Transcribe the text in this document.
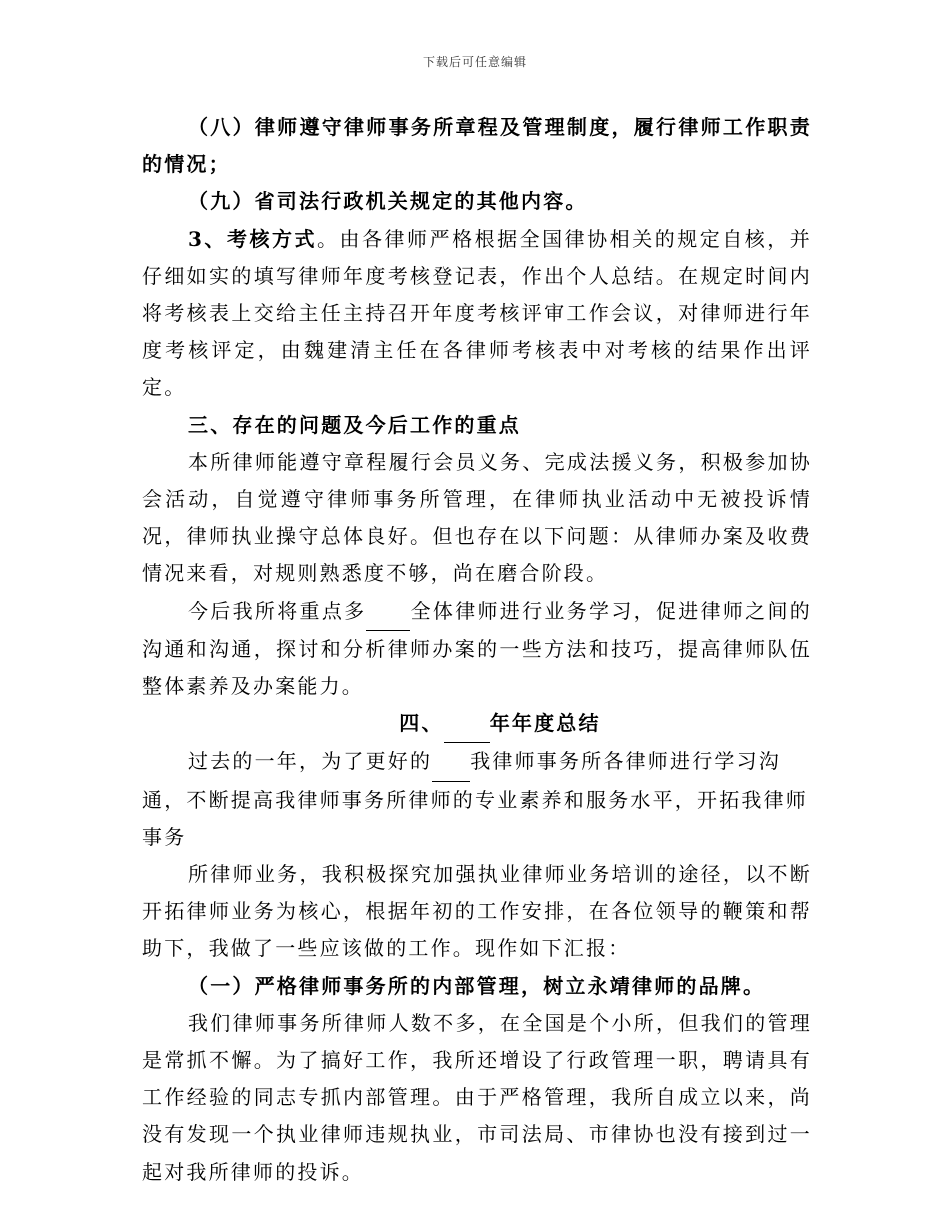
下载后可任意编辑

（八）律师遵守律师事务所章程及管理制度，履行律师工作职责的情况；

（九）省司法行政机关规定的其他内容。

3、考核方式。由各律师严格根据全国律协相关的规定自核，并仔细如实的填写律师年度考核登记表，作出个人总结。在规定时间内将考核表上交给主任主持召开年度考核评审工作会议，对律师进行年度考核评定，由魏建清主任在各律师考核表中对考核的结果作出评定。

三、存在的问题及今后工作的重点

本所律师能遵守章程履行会员义务、完成法援义务，积极参加协会活动，自觉遵守律师事务所管理，在律师执业活动中无被投诉情况，律师执业操守总体良好。但也存在以下问题：从律师办案及收费情况来看，对规则熟悉度不够，尚在磨合阶段。

今后我所将重点多 全体律师进行业务学习，促进律师之间的沟通和沟通，探讨和分析律师办案的一些方法和技巧，提高律师队伍整体素养及办案能力。

四、 年年度总结

过去的一年，为了更好的 我律师事务所各律师进行学习沟通，不断提高我律师事务所律师的专业素养和服务水平，开拓我律师事务

所律师业务，我积极探究加强执业律师业务培训的途径，以不断开拓律师业务为核心，根据年初的工作安排，在各位领导的鞭策和帮助下，我做了一些应该做的工作。现作如下汇报：

（一）严格律师事务所的内部管理，树立永靖律师的品牌。

我们律师事务所律师人数不多，在全国是个小所，但我们的管理是常抓不懈。为了搞好工作，我所还增设了行政管理一职，聘请具有工作经验的同志专抓内部管理。由于严格管理，我所自成立以来，尚没有发现一个执业律师违规执业，市司法局、市律协也没有接到过一起对我所律师的投诉。
